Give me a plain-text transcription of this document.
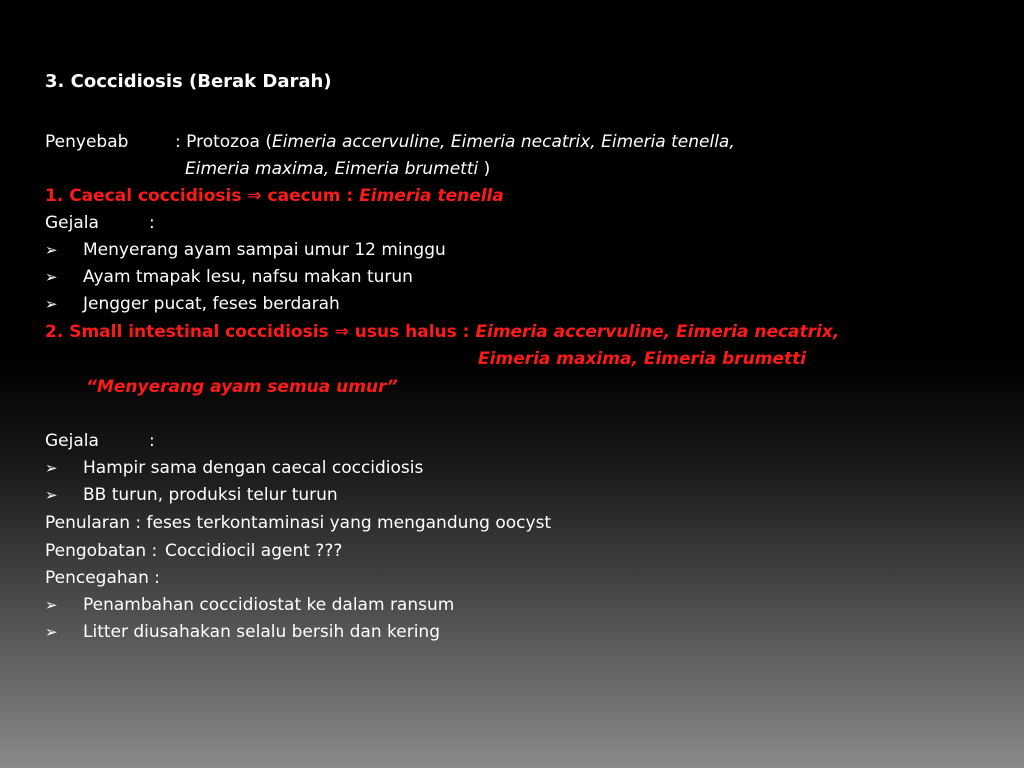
3. Coccidiosis (Berak Darah)
Penyebab	: Protozoa (Eimeria accervuline, Eimeria necatrix, Eimeria tenella,
Eimeria maxima, Eimeria brumetti )
1. Caecal coccidiosis ⇒ caecum : Eimeria tenella
Gejala	:
➢ Menyerang ayam sampai umur 12 minggu
➢ Ayam tmapak lesu, nafsu makan turun
➢ Jengger pucat, feses berdarah
2. Small intestinal coccidiosis ⇒ usus halus : Eimeria accervuline, Eimeria necatrix,
Eimeria maxima, Eimeria brumetti
“Menyerang ayam semua umur”
Gejala	:
➢ Hampir sama dengan caecal coccidiosis
➢ BB turun, produksi telur turun
Penularan : feses terkontaminasi yang mengandung oocyst
Pengobatan : Coccidiocil agent ???
Pencegahan :
➢ Penambahan coccidiostat ke dalam ransum
➢ Litter diusahakan selalu bersih dan kering
